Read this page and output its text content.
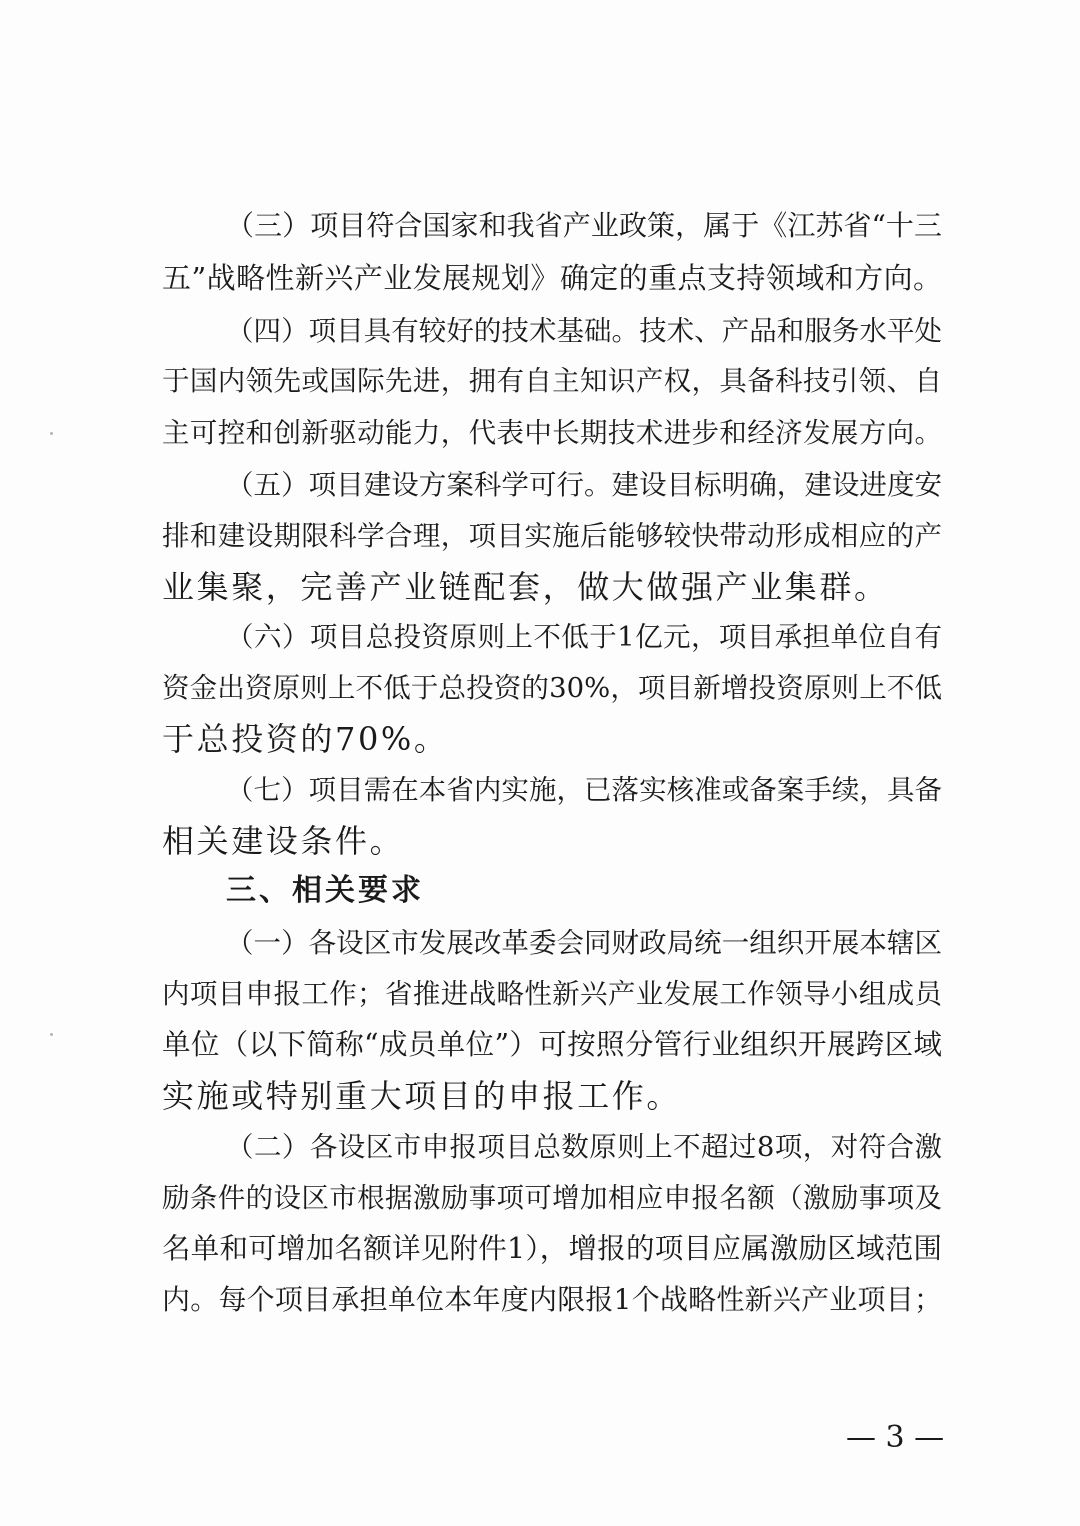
（三）项目符合国家和我省产业政策，属于《江苏省“十三
五”战略性新兴产业发展规划》确定的重点支持领域和方向。
（四）项目具有较好的技术基础。技术、产品和服务水平处
于国内领先或国际先进，拥有自主知识产权，具备科技引领、自
主可控和创新驱动能力，代表中长期技术进步和经济发展方向。
（五）项目建设方案科学可行。建设目标明确，建设进度安
排和建设期限科学合理，项目实施后能够较快带动形成相应的产
业集聚，完善产业链配套，做大做强产业集群。
（六）项目总投资原则上不低于1亿元，项目承担单位自有
资金出资原则上不低于总投资的30%，项目新增投资原则上不低
于总投资的70%。
（七）项目需在本省内实施，已落实核准或备案手续，具备
相关建设条件。
三、相关要求
（一）各设区市发展改革委会同财政局统一组织开展本辖区
内项目申报工作；省推进战略性新兴产业发展工作领导小组成员
单位（以下简称“成员单位”）可按照分管行业组织开展跨区域
实施或特别重大项目的申报工作。
（二）各设区市申报项目总数原则上不超过8项，对符合激
励条件的设区市根据激励事项可增加相应申报名额（激励事项及
名单和可增加名额详见附件1），增报的项目应属激励区域范围
内。每个项目承担单位本年度内限报1个战略性新兴产业项目；
— 3 —
